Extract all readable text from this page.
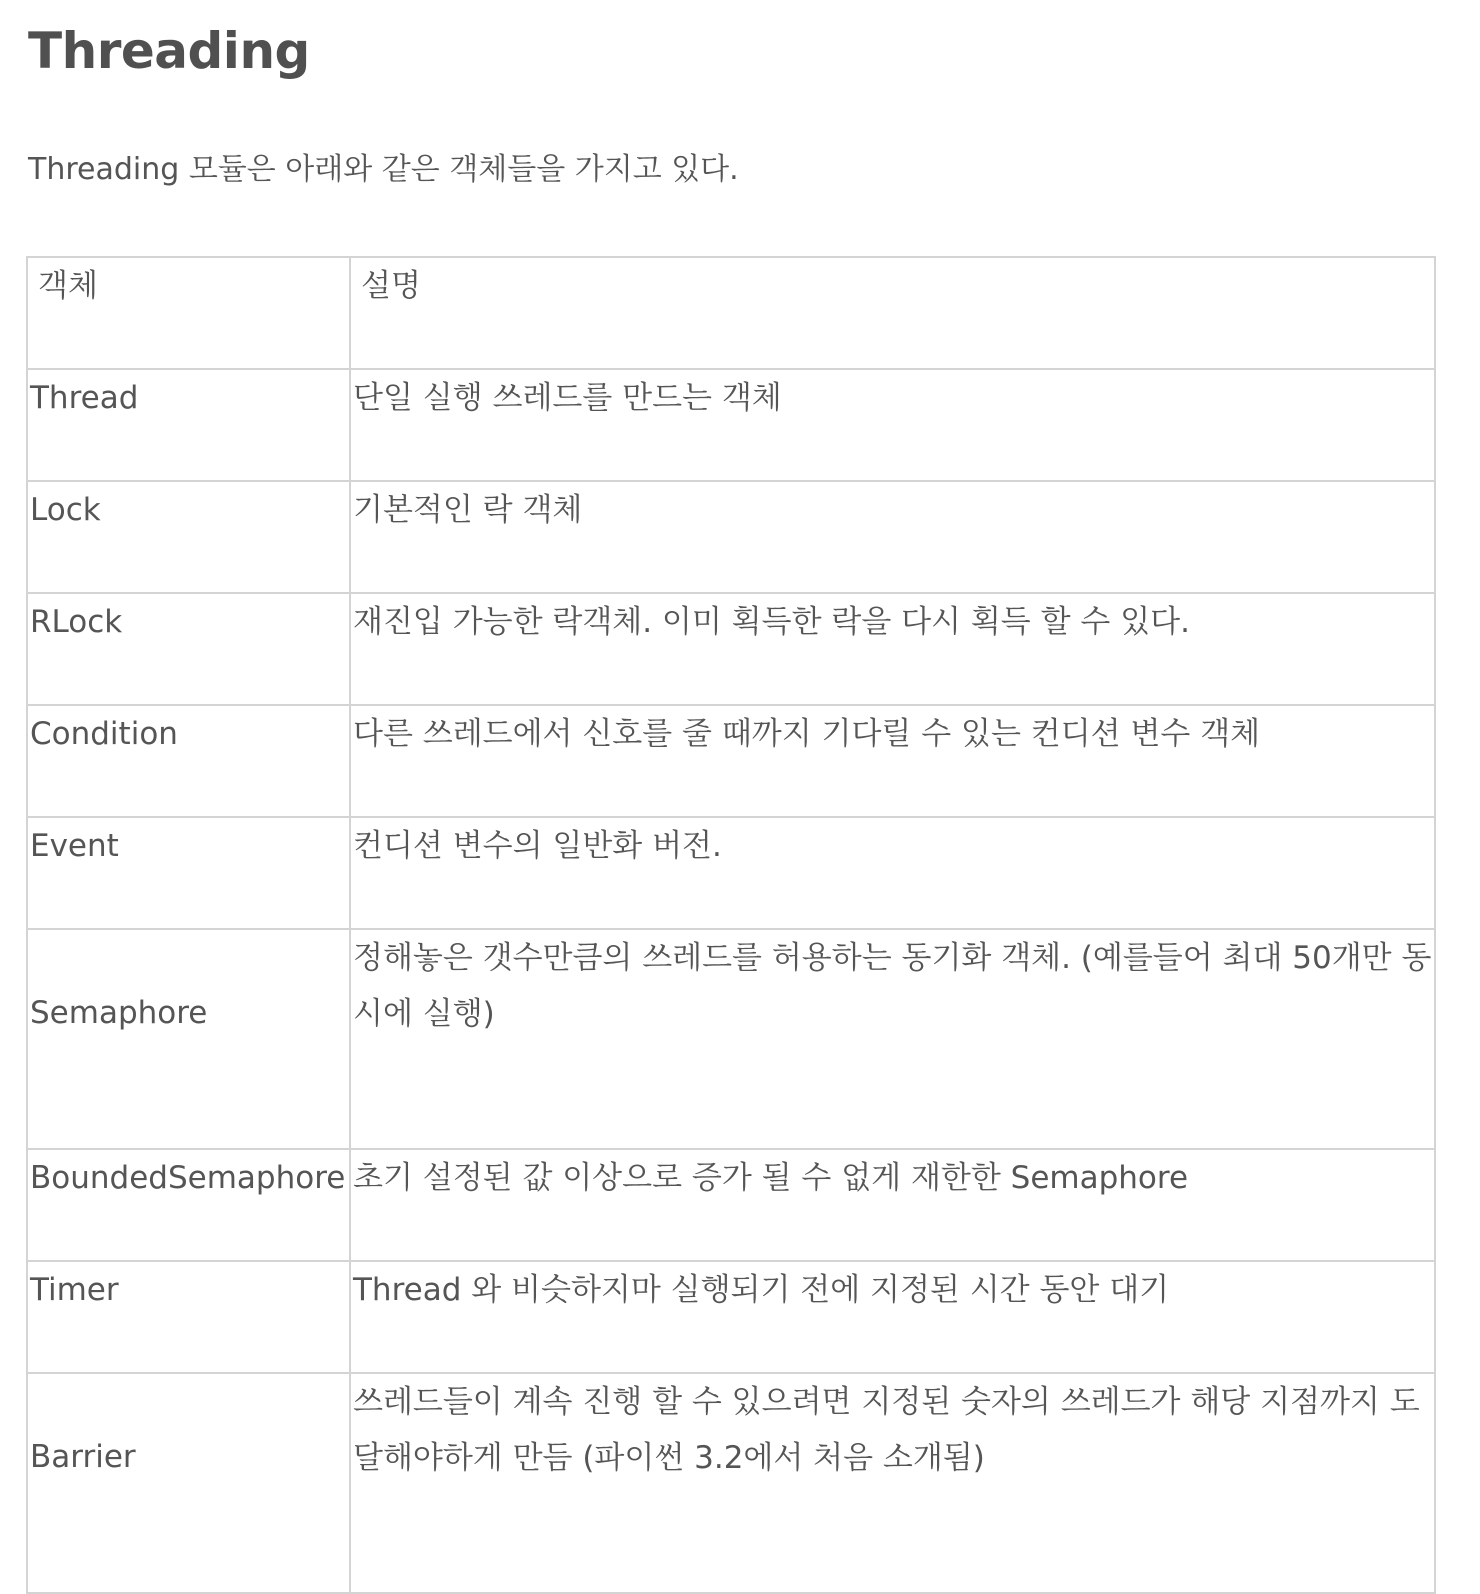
Threading

Threading 모듈은 아래와 같은 객체들을 가지고 있다.

객체	설명

Thread	단일 실행 쓰레드를 만드는 객체
Lock	기본적인 락 객체
RLock	재진입 가능한 락객체. 이미 획득한 락을 다시 획득 할 수 있다.
Condition	다른 쓰레드에서 신호를 줄 때까지 기다릴 수 있는 컨디션 변수 객체
Event	컨디션 변수의 일반화 버전.
Semaphore	정해놓은 갯수만큼의 쓰레드를 허용하는 동기화 객체. (예를들어 최대 50개만 동시에 실행)
BoundedSemaphore	초기 설정된 값 이상으로 증가 될 수 없게 재한한 Semaphore
Timer	Thread 와 비슷하지마 실행되기 전에 지정된 시간 동안 대기
Barrier	쓰레드들이 계속 진행 할 수 있으려면 지정된 숫자의 쓰레드가 해당 지점까지 도달해야하게 만듬 (파이썬 3.2에서 처음 소개됨)
